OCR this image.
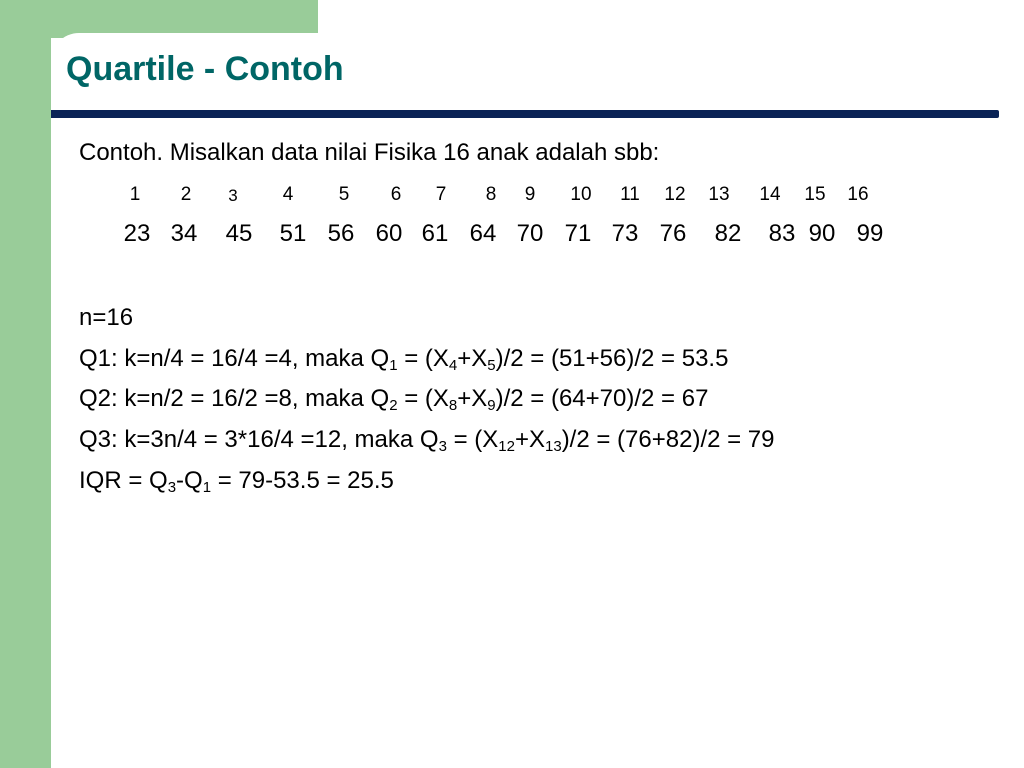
Quartile - Contoh
Contoh. Misalkan data nilai Fisika 16 anak adalah sbb:
1 2 3 4 5 6 7 8 9 10 11 12 13 14 15 16
23 34 45 51 56 60 61 64 70 71 73 76 82 83 90 99
n=16
Q1: k=n/4 = 16/4 =4, maka $Q_1 = (X_4+X_5)/2 = (51+56)/2 = 53.5$
Q2: k=n/2 = 16/2 =8, maka $Q_2 = (X_8+X_9)/2 = (64+70)/2 = 67$
Q3: k=3n/4 = 3*16/4 =12, maka $Q_3 = (X_{12}+X_{13})/2 = (76+82)/2 = 79$
IQR = $Q_3-Q_1 = 79-53.5 = 25.5$
